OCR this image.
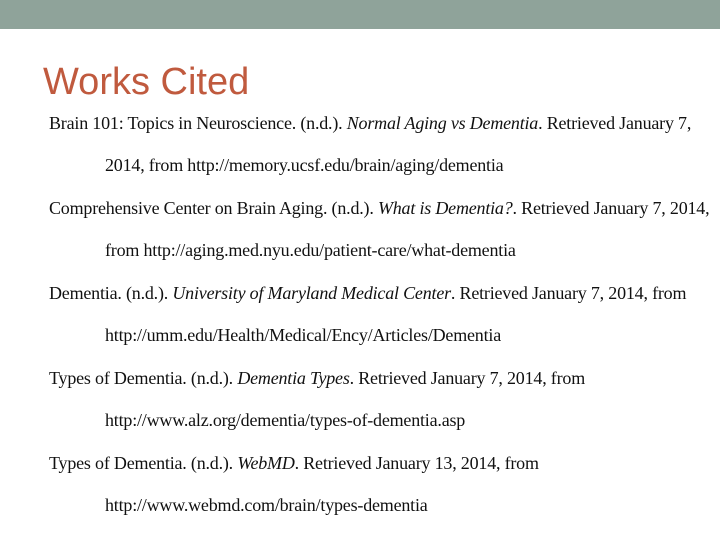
Works Cited

Brain 101: Topics in Neuroscience. (n.d.). Normal Aging vs Dementia. Retrieved January 7,

2014, from http://memory.ucsf.edu/brain/aging/dementia

Comprehensive Center on Brain Aging. (n.d.). What is Dementia?. Retrieved January 7, 2014,

from http://aging.med.nyu.edu/patient-care/what-dementia

Dementia. (n.d.). University of Maryland Medical Center. Retrieved January 7, 2014, from

http://umm.edu/Health/Medical/Ency/Articles/Dementia

Types of Dementia. (n.d.). Dementia Types. Retrieved January 7, 2014, from

http://www.alz.org/dementia/types-of-dementia.asp

Types of Dementia. (n.d.). WebMD. Retrieved January 13, 2014, from

http://www.webmd.com/brain/types-dementia
